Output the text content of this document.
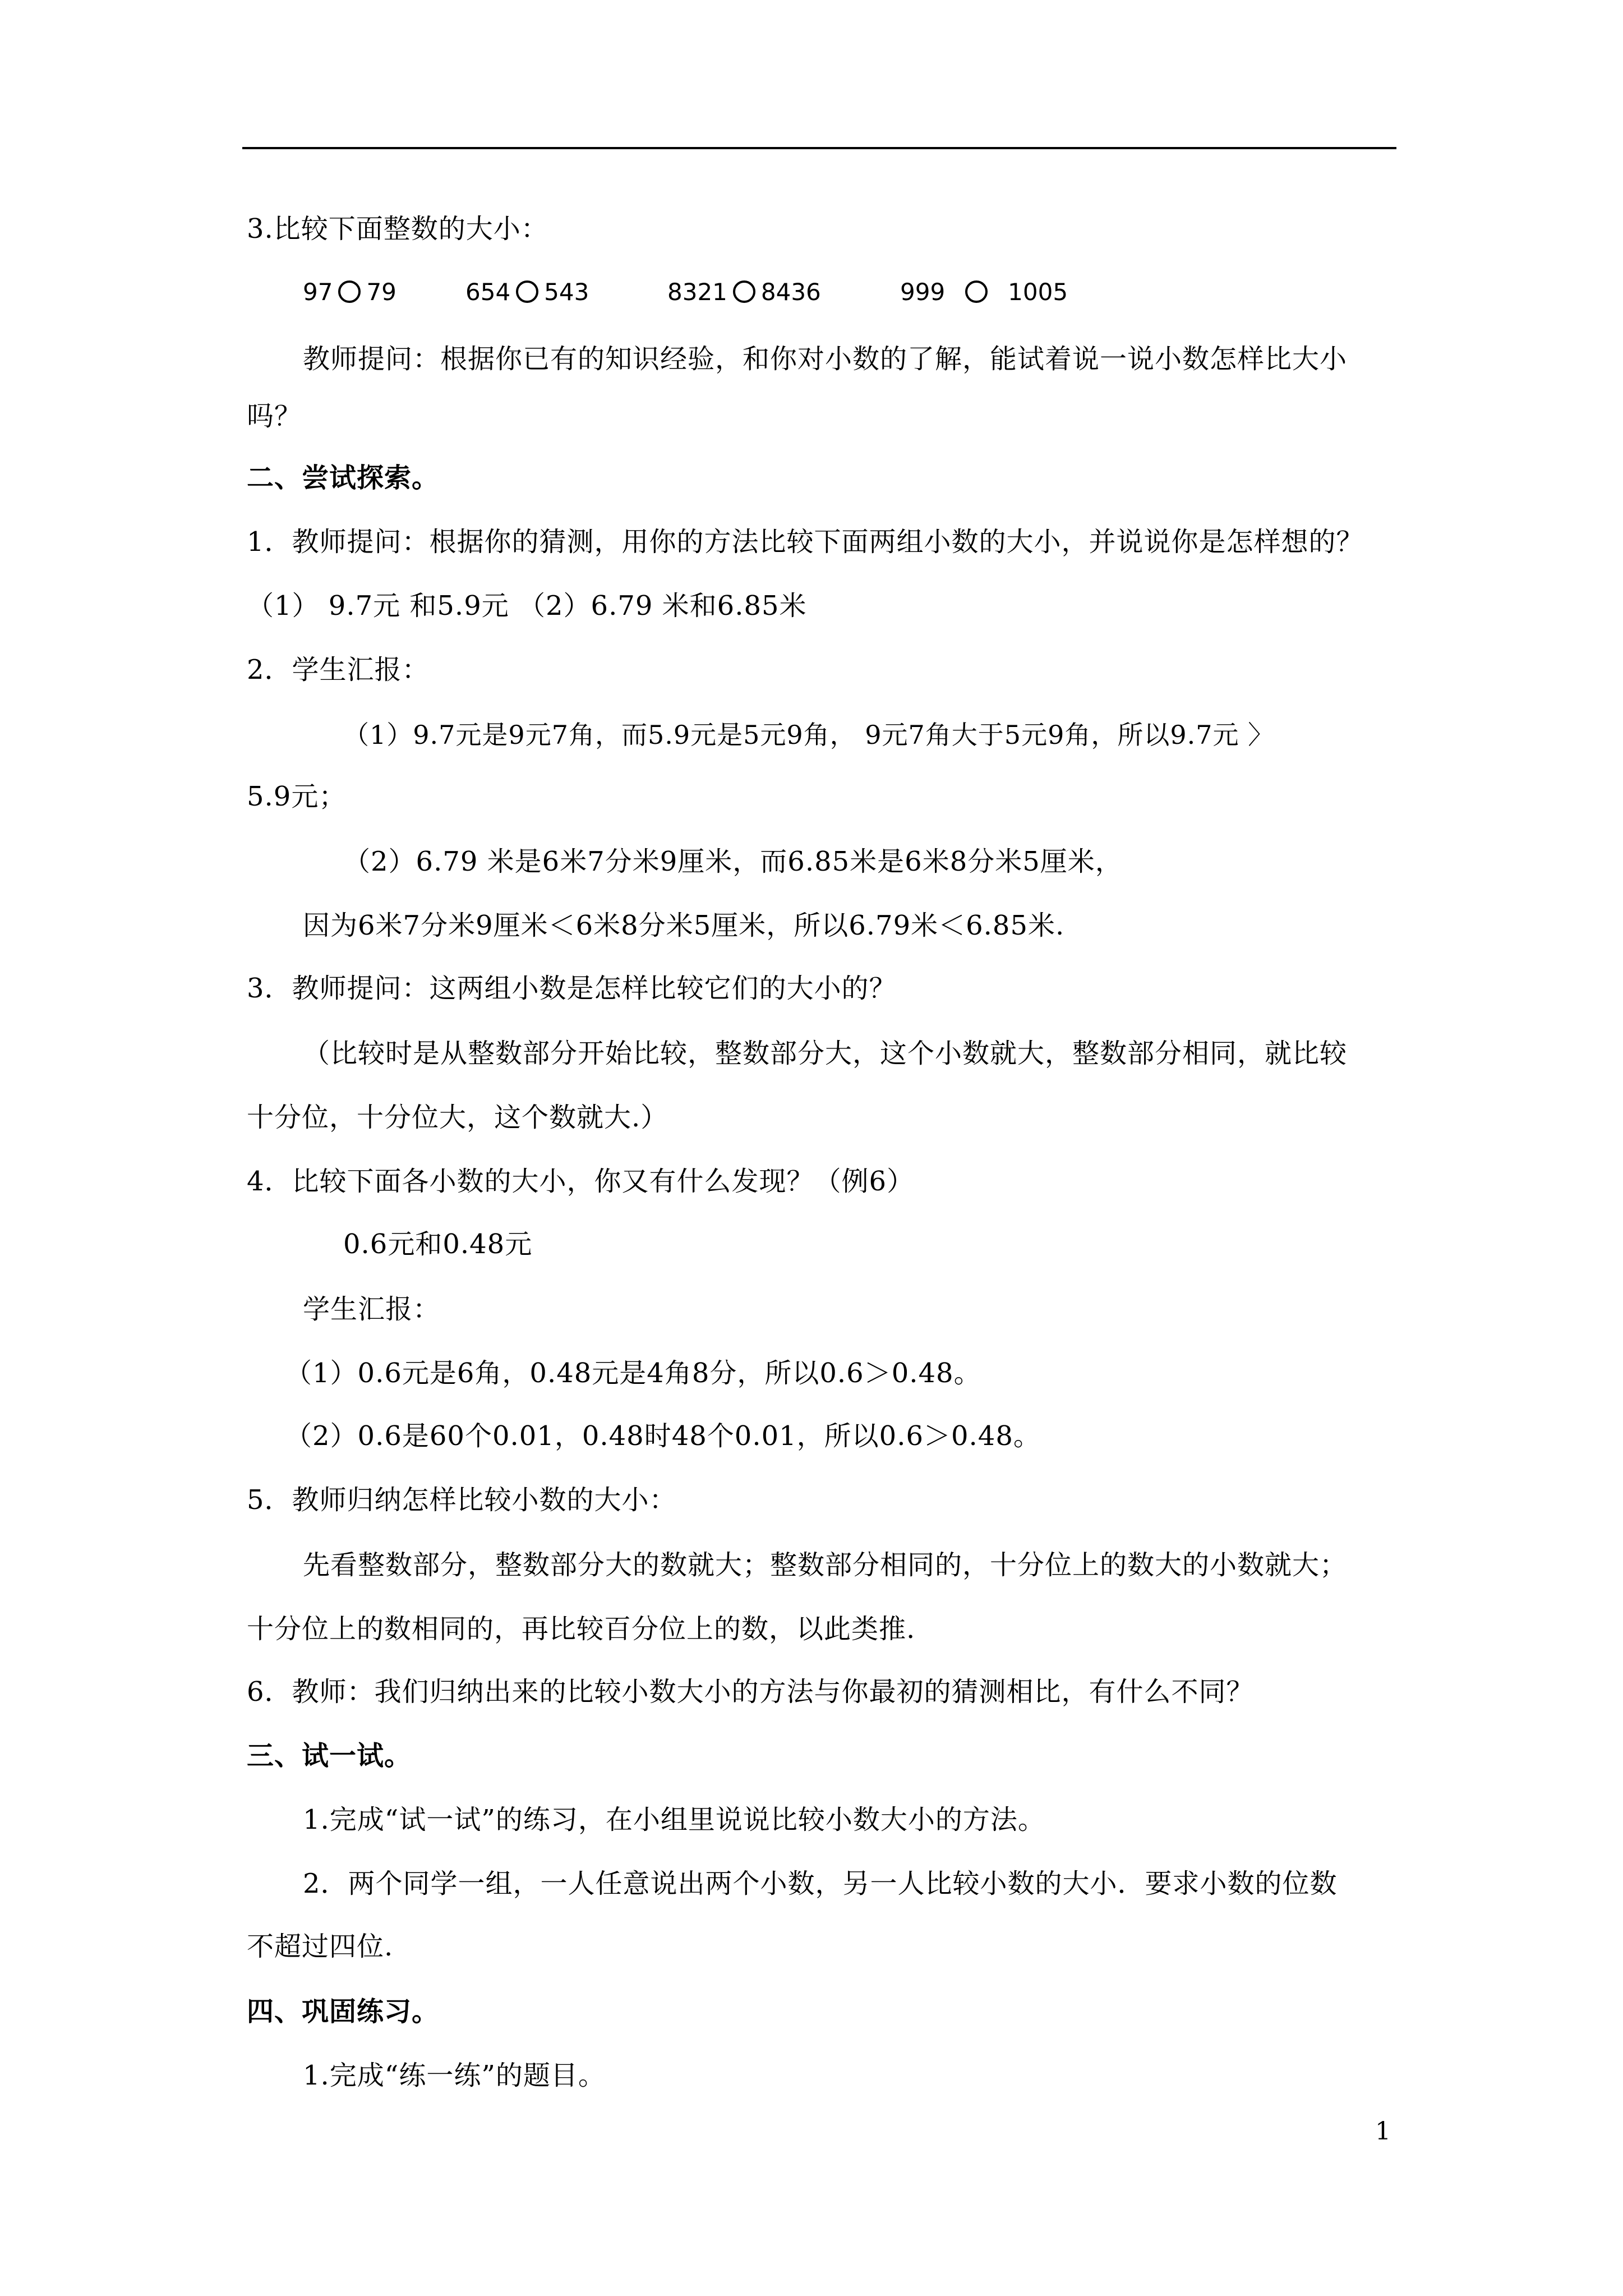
3.比较下面整数的大小：
97 79	654 543	8321 8436	999	1005
教师提问：根据你已有的知识经验，和你对小数的了解，能试着说一说小数怎样比大小
吗？
二、尝试探索。
1．教师提问：根据你的猜测，用你的方法比较下面两组小数的大小，并说说你是怎样想的？
（1） 9.7元 和5.9元 （2）6.79 米和6.85米
2．学生汇报：
（1）9.7元是9元7角，而5.9元是5元9角， 9元7角大于5元9角，所以9.7元 〉
5.9元；
（2）6.79 米是6米7分米9厘米，而6.85米是6米8分米5厘米，
因为6米7分米9厘米＜6米8分米5厘米，所以6.79米＜6.85米.
3．教师提问：这两组小数是怎样比较它们的大小的？
（比较时是从整数部分开始比较，整数部分大，这个小数就大，整数部分相同，就比较
十分位，十分位大，这个数就大.）
4．比较下面各小数的大小，你又有什么发现？（例6）
0.6元和0.48元
学生汇报：
（1）0.6元是6角，0.48元是4角8分，所以0.6＞0.48。
（2）0.6是60个0.01，0.48时48个0.01，所以0.6＞0.48。
5．教师归纳怎样比较小数的大小：
先看整数部分，整数部分大的数就大；整数部分相同的，十分位上的数大的小数就大；
十分位上的数相同的，再比较百分位上的数，以此类推.
6．教师：我们归纳出来的比较小数大小的方法与你最初的猜测相比，有什么不同？
三、试一试。
1.完成“试一试”的练习，在小组里说说比较小数大小的方法。
2．两个同学一组，一人任意说出两个小数，另一人比较小数的大小．要求小数的位数
不超过四位.
四、巩固练习。
1.完成“练一练”的题目。
1
